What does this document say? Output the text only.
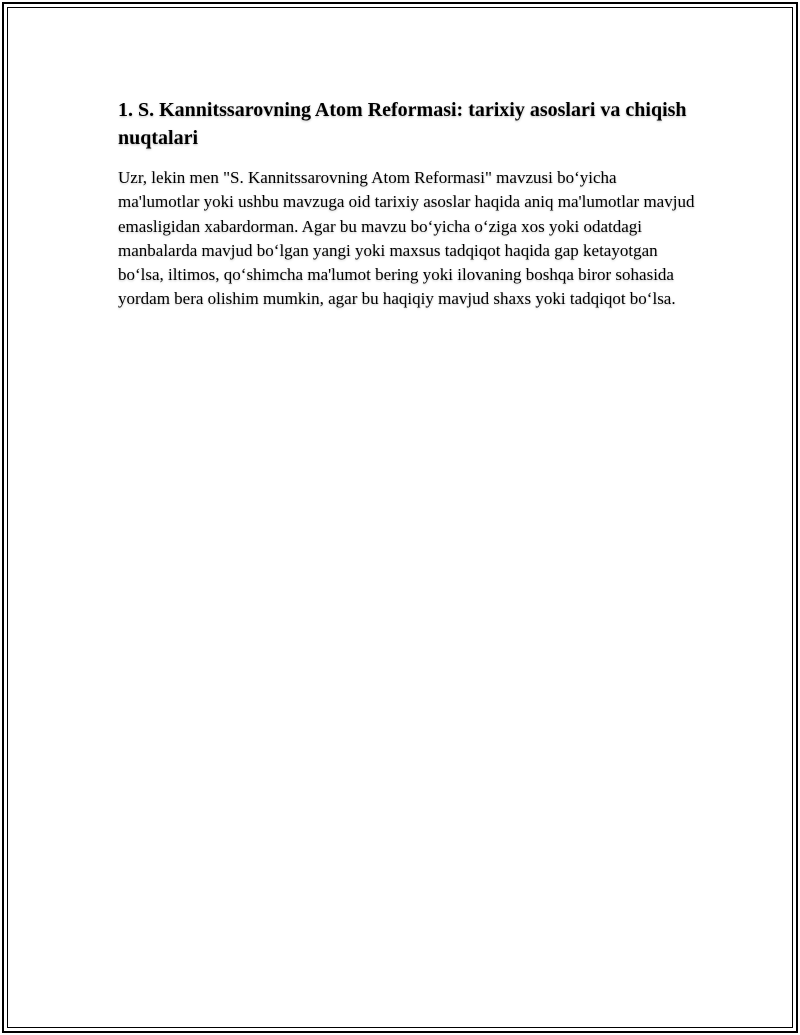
1. S. Kannitssarovning Atom Reformasi: tarixiy asoslari va chiqish nuqtalari

Uzr, lekin men "S. Kannitssarovning Atom Reformasi" mavzusi bo‘yicha ma'lumotlar yoki ushbu mavzuga oid tarixiy asoslar haqida aniq ma'lumotlar mavjud emasligidan xabardorman. Agar bu mavzu bo‘yicha o‘ziga xos yoki odatdagi manbalarda mavjud bo‘lgan yangi yoki maxsus tadqiqot haqida gap ketayotgan bo‘lsa, iltimos, qo‘shimcha ma'lumot bering yoki ilovaning boshqa biror sohasida yordam bera olishim mumkin, agar bu haqiqiy mavjud shaxs yoki tadqiqot bo‘lsa.
